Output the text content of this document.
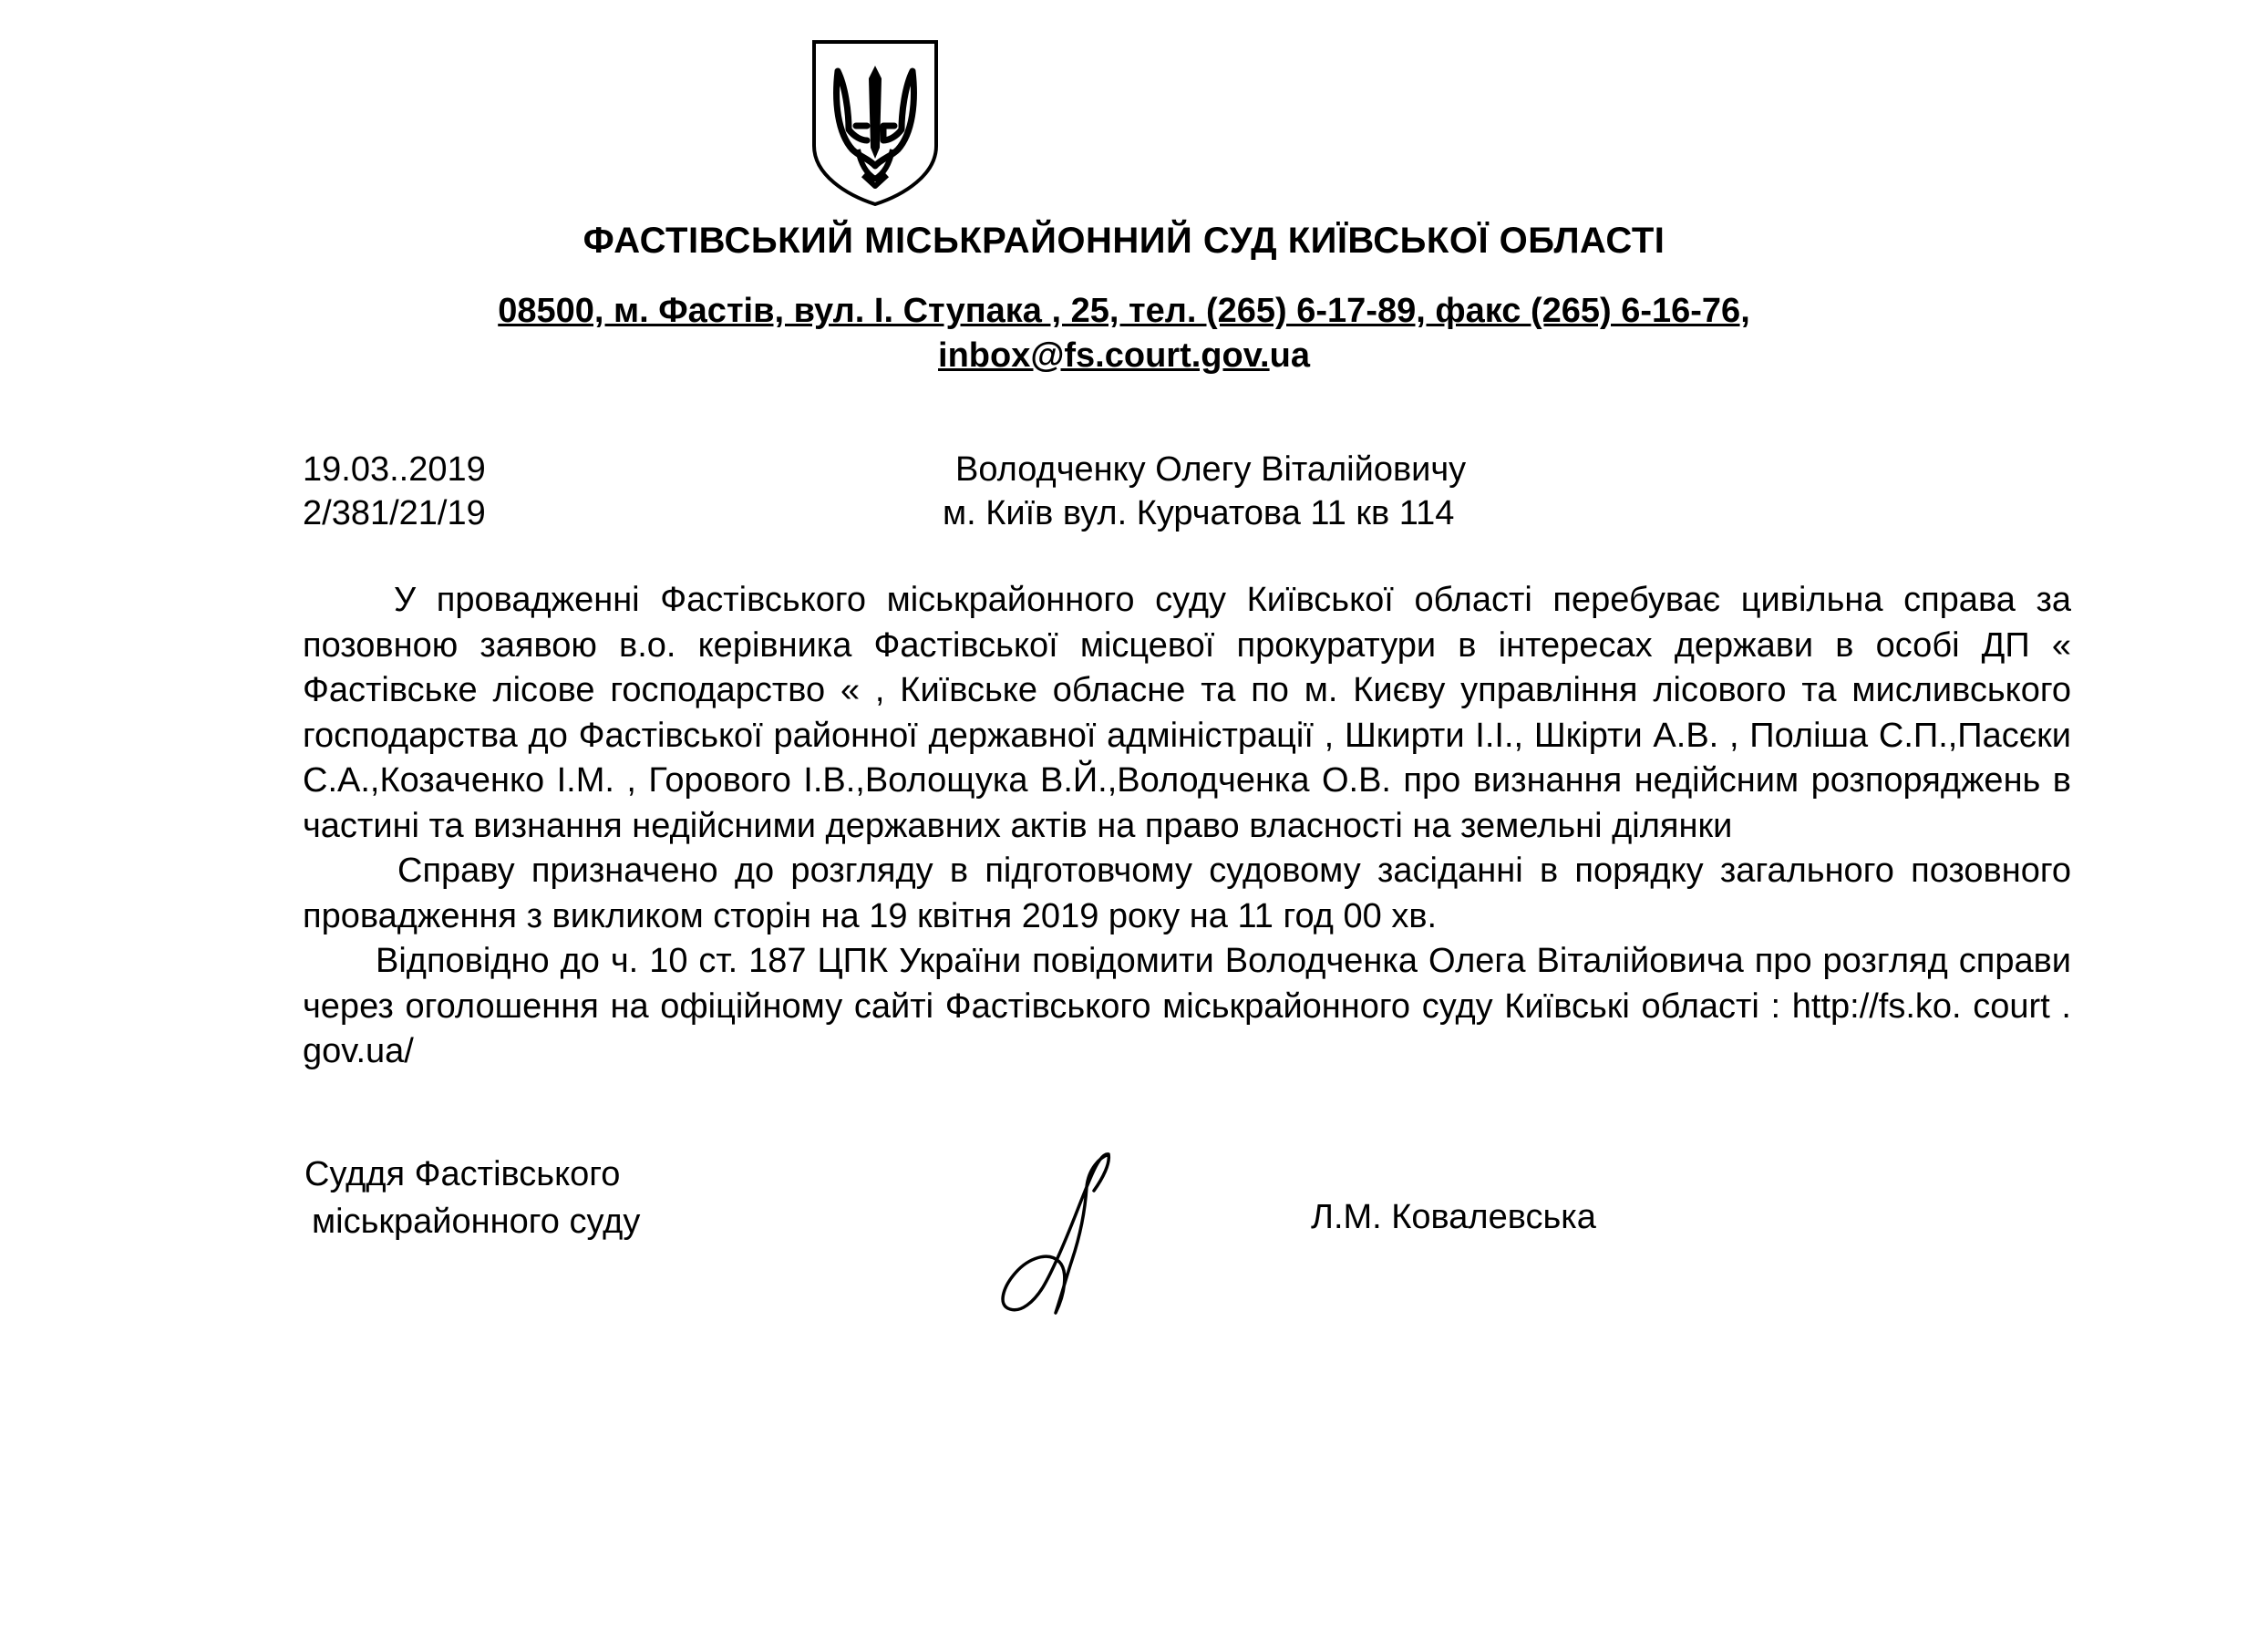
ФАСТІВСЬКИЙ МІСЬКРАЙОННИЙ СУД КИЇВСЬКОЇ ОБЛАСТІ
08500, м. Фастів, вул. І. Ступака , 25, тел. (265) 6-17-89, факс (265) 6-16-76,
inbox@fs.court.gov.ua
19.03..2019
2/381/21/19
Володченку Олегу Віталійовичу
м. Київ вул. Курчатова 11 кв 114

У провадженні Фастівського міськрайонного суду Київської області перебуває цивільна справа за позовною заявою в.о. керівника Фастівської місцевої прокуратури в інтересах держави в особі ДП « Фастівське лісове господарство « , Київське обласне та по м. Києву управління лісового та мисливського господарства до Фастівської районної державної адміністрації , Шкирти І.І., Шкірти А.В. , Поліша С.П.,Пасєки С.А.,Козаченко І.М. , Горового І.В.,Волощука В.Й.,Володченка О.В. про визнання недійсним розпоряджень в частині та визнання недійсними державних актів на право власності на земельні ділянки

Справу призначено до розгляду в підготовчому судовому засіданні в порядку загального позовного провадження з викликом сторін на 19 квітня 2019 року на 11 год 00 хв.

Відповідно до ч. 10 ст. 187 ЦПК України повідомити Володченка Олега Віталійовича про розгляд справи через оголошення на офіційному сайті Фастівського міськрайонного суду Київські області : http://fs.ko. court . gov.ua/

Суддя Фастівського
міськрайонного суду	Л.М. Ковалевська
